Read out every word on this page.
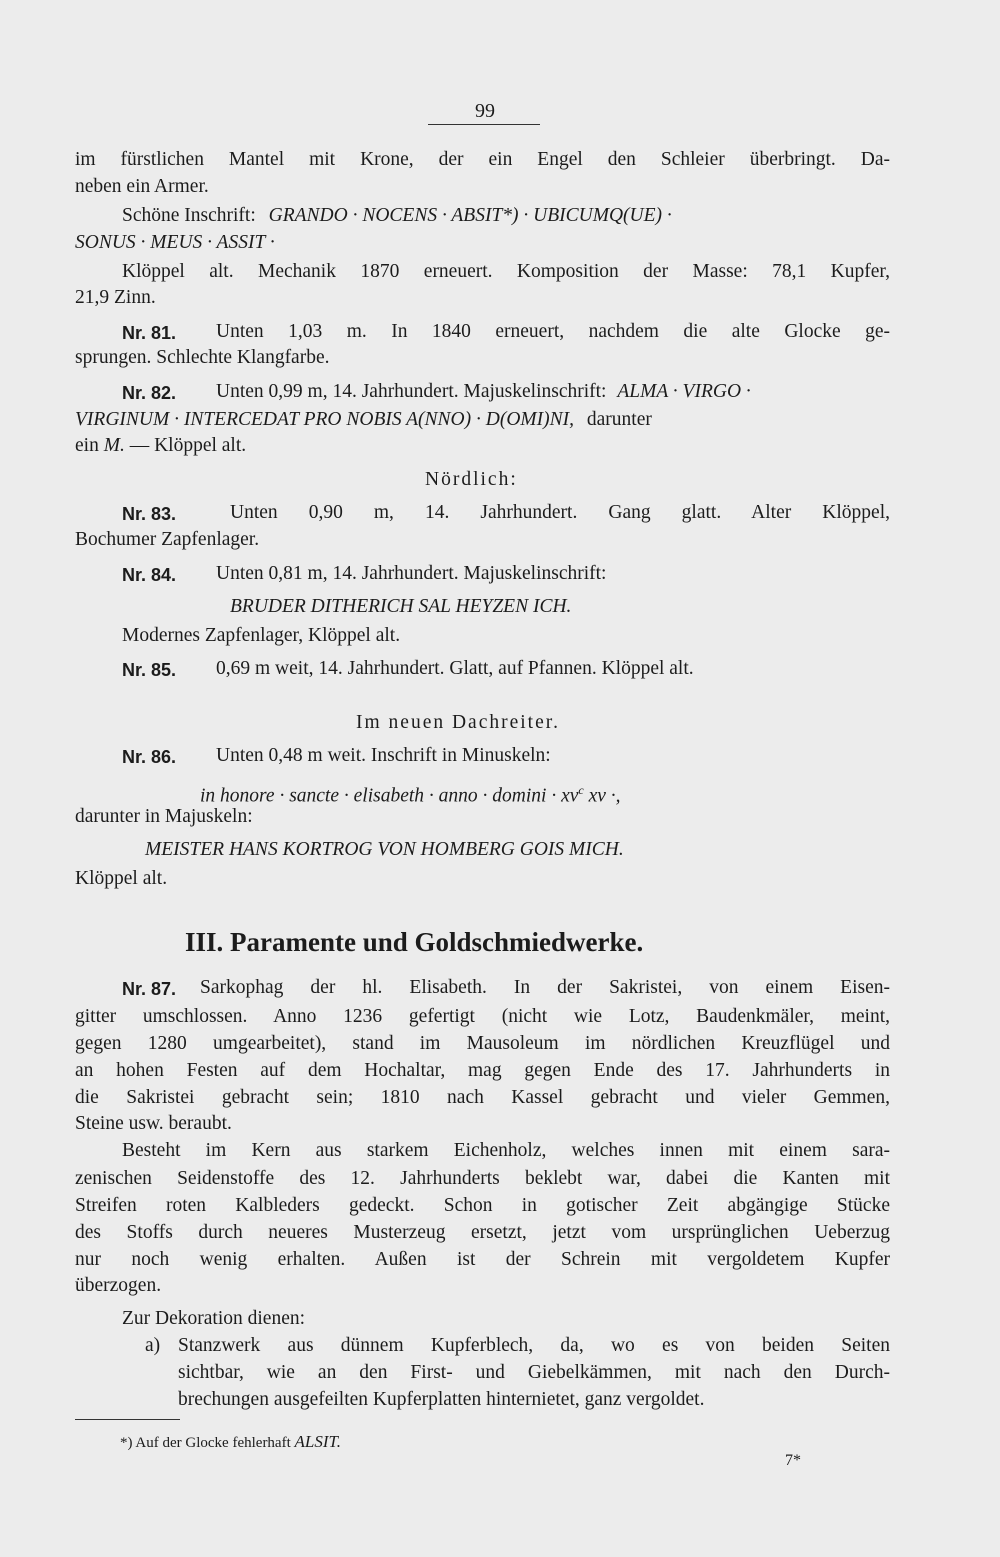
99
im fürstlichen Mantel mit Krone, der ein Engel den Schleier überbringt. Da-
neben ein Armer.
Schöne Inschrift: GRANDO · NOCENS · ABSIT*) · UBICUMQ(UE) ·
SONUS · MEUS · ASSIT ·
Klöppel alt. Mechanik 1870 erneuert. Komposition der Masse: 78,1 Kupfer,
21,9 Zinn.
Nr. 81. Unten 1,03 m. In 1840 erneuert, nachdem die alte Glocke ge-
sprungen. Schlechte Klangfarbe.
Nr. 82. Unten 0,99 m, 14. Jahrhundert. Majuskelinschrift: ALMA · VIRGO ·
VIRGINUM · INTERCEDAT PRO NOBIS A(NNO) · D(OMI)NI, darunter
ein M. — Klöppel alt.
Nördlich:
Nr. 83.	Unten 0,90 m, 14. Jahrhundert. Gang glatt. Alter Klöppel,
Bochumer Zapfenlager.
Nr. 84. Unten 0,81 m, 14. Jahrhundert. Majuskelinschrift:
BRUDER DITHERICH SAL HEYZEN ICH.
Modernes Zapfenlager, Klöppel alt.
Nr. 85. 0,69 m weit, 14. Jahrhundert. Glatt, auf Pfannen. Klöppel alt.
Im neuen Dachreiter.
Nr. 86. Unten 0,48 m weit. Inschrift in Minuskeln:
in honore · sancte · elisabeth · anno · $domini \cdot xv^c$ xv ·,
darunter in Majuskeln:
MEISTER HANS KORTROG VON HOMBERG GOIS MICH.
Klöppel alt.
III. Paramente und Goldschmiedwerke.
Nr. 87. Sarkophag der hl. Elisabeth. In der Sakristei, von einem Eisen-
gitter umschlossen. Anno 1236 gefertigt (nicht wie Lotz, Baudenkmäler, meint,
gegen 1280 umgearbeitet), stand im Mausoleum im nördlichen Kreuzflügel und
an hohen Festen auf dem Hochaltar, mag gegen Ende des 17. Jahrhunderts in
die Sakristei gebracht sein; 1810 nach Kassel gebracht und vieler Gemmen,
Steine usw. beraubt.
Besteht im Kern aus starkem Eichenholz, welches innen mit einem sara-
zenischen Seidenstoffe des 12. Jahrhunderts beklebt war, dabei die Kanten mit
Streifen roten Kalbleders gedeckt. Schon in gotischer Zeit abgängige Stücke
des Stoffs durch neueres Musterzeug ersetzt, jetzt vom ursprünglichen Ueberzug
nur noch wenig erhalten. Außen ist der Schrein mit vergoldetem Kupfer
überzogen.
Zur Dekoration dienen:
a) Stanzwerk aus dünnem Kupferblech, da, wo es von beiden Seiten
sichtbar, wie an den First- und Giebelkämmen, mit nach den Durch-
brechungen ausgefeilten Kupferplatten hinternietet, ganz vergoldet.
*) Auf der Glocke fehlerhaft ALSIT.
7*
